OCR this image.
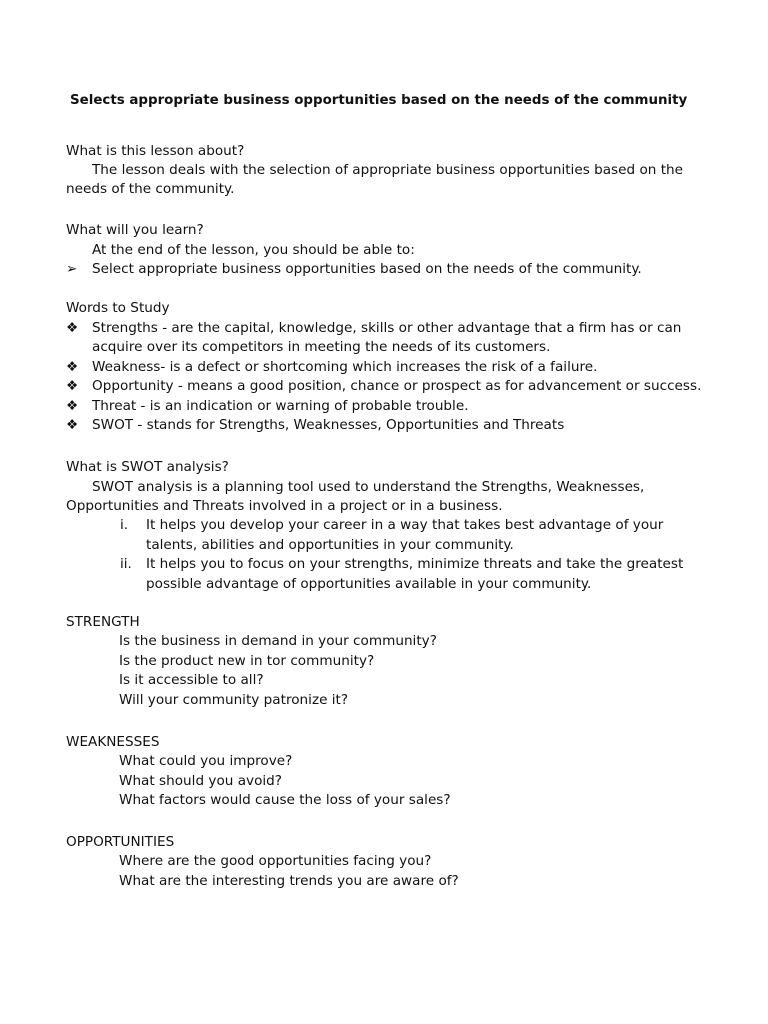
Selects appropriate business opportunities based on the needs of the community
What is this lesson about?
The lesson deals with the selection of appropriate business opportunities based on the
needs of the community.
What will you learn?
At the end of the lesson, you should be able to:
➢ Select appropriate business opportunities based on the needs of the community.
Words to Study
❖ Strengths - are the capital, knowledge, skills or other advantage that a firm has or can
acquire over its competitors in meeting the needs of its customers.
❖ Weakness- is a defect or shortcoming which increases the risk of a failure.
❖ Opportunity - means a good position, chance or prospect as for advancement or success.
❖ Threat - is an indication or warning of probable trouble.
❖ SWOT - stands for Strengths, Weaknesses, Opportunities and Threats
What is SWOT analysis?
SWOT analysis is a planning tool used to understand the Strengths, Weaknesses,
Opportunities and Threats involved in a project or in a business.
i. It helps you develop your career in a way that takes best advantage of your
talents, abilities and opportunities in your community.
ii. It helps you to focus on your strengths, minimize threats and take the greatest
possible advantage of opportunities available in your community.
STRENGTH
Is the business in demand in your community?
Is the product new in tor community?
Is it accessible to all?
Will your community patronize it?
WEAKNESSES
What could you improve?
What should you avoid?
What factors would cause the loss of your sales?
OPPORTUNITIES
Where are the good opportunities facing you?
What are the interesting trends you are aware of?
